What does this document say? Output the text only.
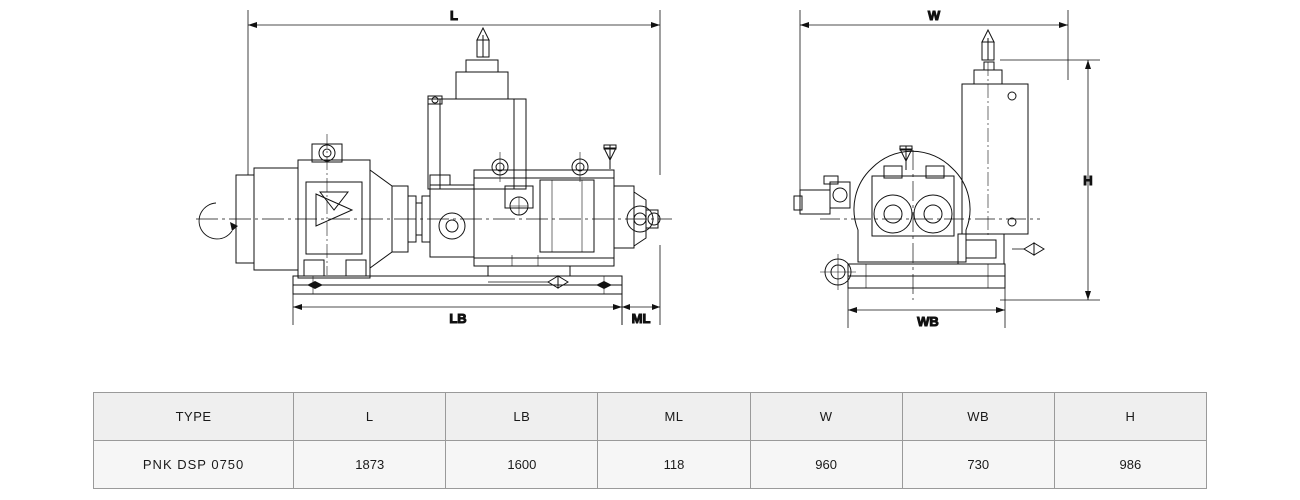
L
LB	ML
W
H
WB
TYPE	L	LB	ML	W	WB	H
PNK DSP 0750	1873	1600	118	960	730	986
